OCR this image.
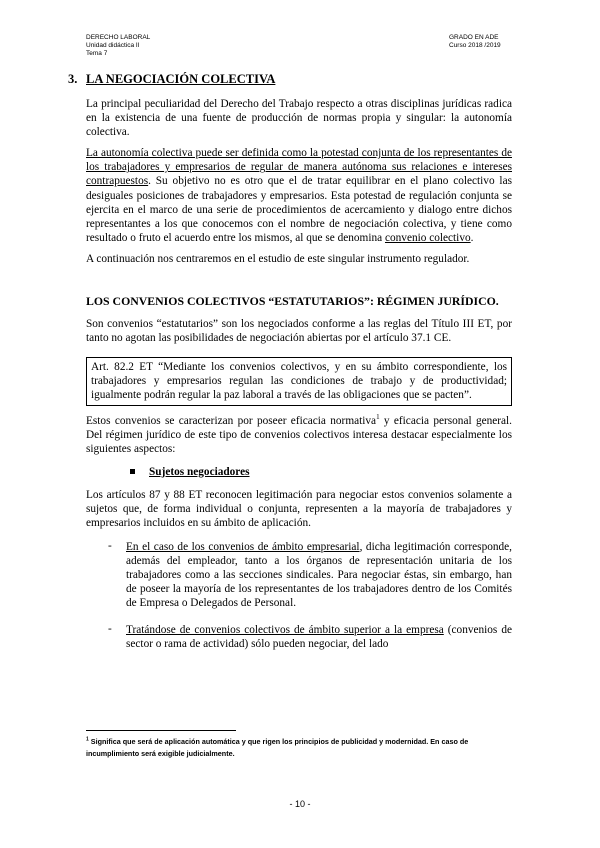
DERECHO LABORAL
Unidad didáctica II
Tema 7
GRADO EN ADE
Curso 2018 /2019
3. LA NEGOCIACIÓN COLECTIVA

La principal peculiaridad del Derecho del Trabajo respecto a otras disciplinas jurídicas radica en la existencia de una fuente de producción de normas propia y singular: la autonomía colectiva.

La autonomía colectiva puede ser definida como la potestad conjunta de los representantes de los trabajadores y empresarios de regular de manera autónoma sus relaciones e intereses contrapuestos. Su objetivo no es otro que el de tratar equilibrar en el plano colectivo las desiguales posiciones de trabajadores y empresarios. Esta potestad de regulación conjunta se ejercita en el marco de una serie de procedimientos de acercamiento y dialogo entre dichos representantes a los que conocemos con el nombre de negociación colectiva, y tiene como resultado o fruto el acuerdo entre los mismos, al que se denomina convenio colectivo.

A continuación nos centraremos en el estudio de este singular instrumento regulador.

LOS CONVENIOS COLECTIVOS “ESTATUTARIOS”: RÉGIMEN JURÍDICO.

Son convenios “estatutarios” son los negociados conforme a las reglas del Título III ET, por tanto no agotan las posibilidades de negociación abiertas por el artículo 37.1 CE.

Art. 82.2 ET “Mediante los convenios colectivos, y en su ámbito correspondiente, los trabajadores y empresarios regulan las condiciones de trabajo y de productividad; igualmente podrán regular la paz laboral a través de las obligaciones que se pacten”.

Estos convenios se caracterizan por poseer eficacia normativa$^1$ y eficacia personal general. Del régimen jurídico de este tipo de convenios colectivos interesa destacar especialmente los siguientes aspectos:

Sujetos negociadores

Los artículos 87 y 88 ET reconocen legitimación para negociar estos convenios solamente a sujetos que, de forma individual o conjunta, representen a la mayoría de trabajadores y empresarios incluidos en su ámbito de aplicación.

-	En el caso de los convenios de ámbito empresarial, dicha legitimación corresponde, además del empleador, tanto a los órganos de representación unitaria de los trabajadores como a las secciones sindicales. Para negociar éstas, sin embargo, han de poseer la mayoría de los representantes de los trabajadores dentro de los Comités de Empresa o Delegados de Personal.
-	Tratándose de convenios colectivos de ámbito superior a la empresa (convenios de sector o rama de actividad) sólo pueden negociar, del lado
$^1$ Significa que será de aplicación automática y que rigen los principios de publicidad y modernidad. En caso de incumplimiento será exigible judicialmente.
- 10 -
